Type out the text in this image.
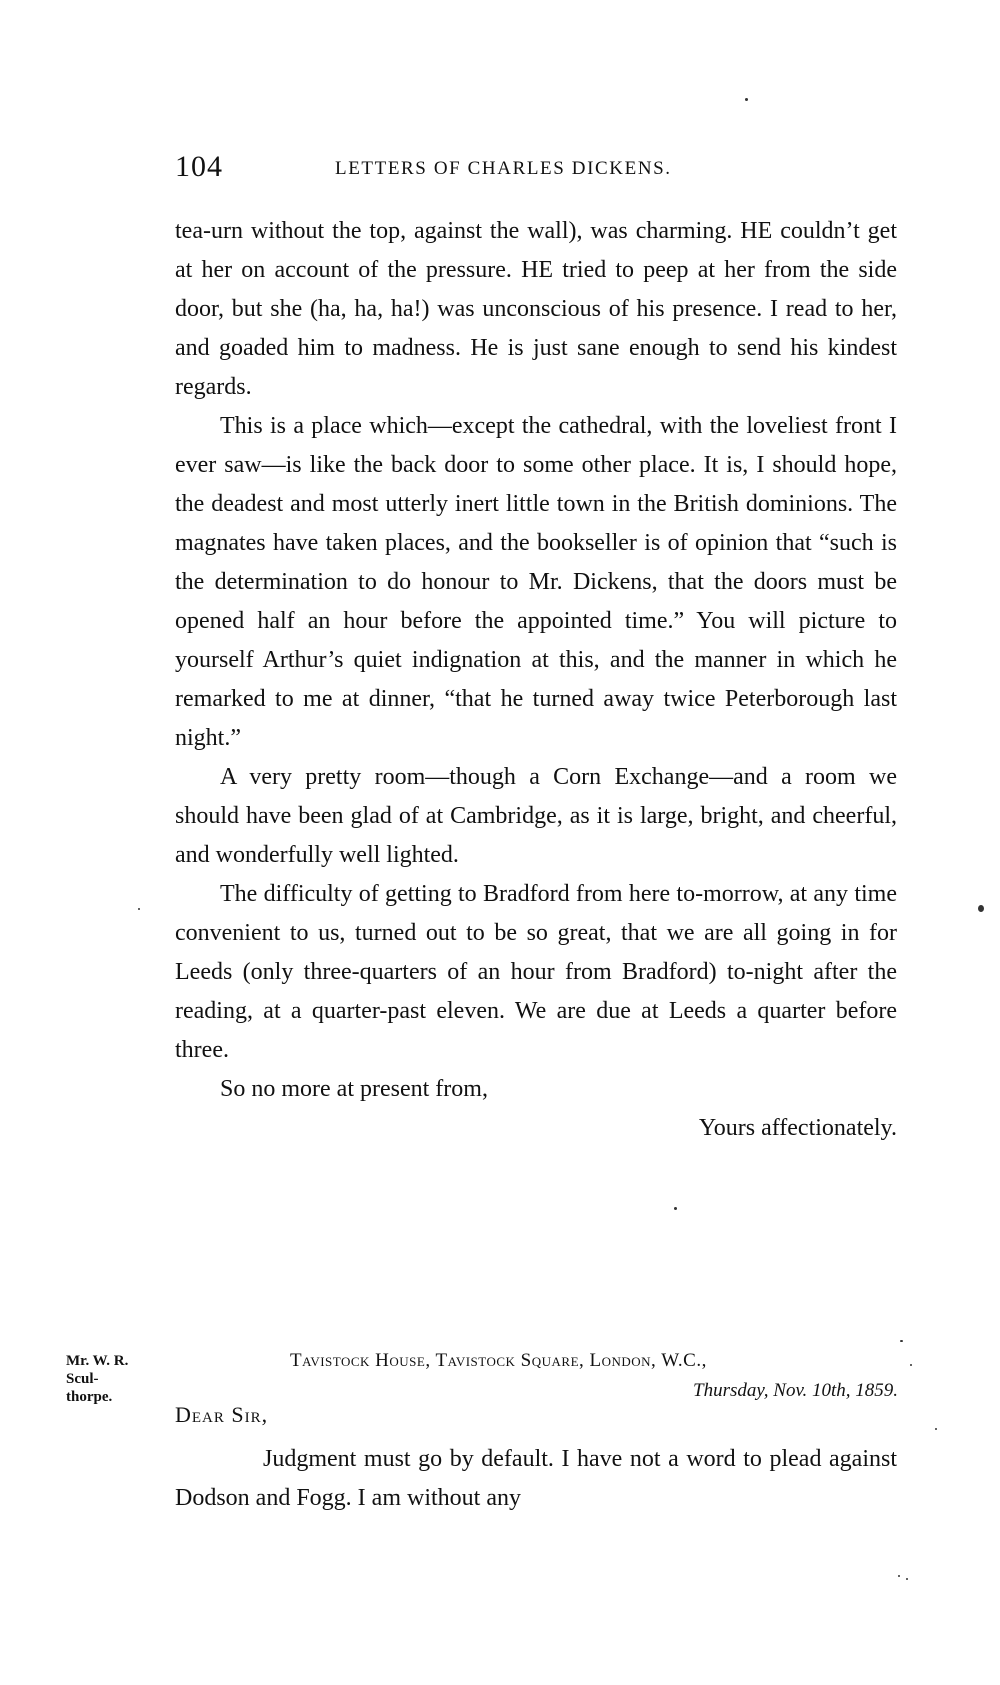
104	LETTERS OF CHARLES DICKENS.

tea-urn without the top, against the wall), was charming. HE couldn’t get at her on account of the pressure. HE tried to peep at her from the side door, but she (ha, ha, ha!) was unconscious of his presence. I read to her, and goaded him to madness. He is just sane enough to send his kindest regards.

This is a place which—except the cathedral, with the loveliest front I ever saw—is like the back door to some other place. It is, I should hope, the deadest and most utterly inert little town in the British dominions. The magnates have taken places, and the bookseller is of opinion that “such is the determination to do honour to Mr. Dickens, that the doors must be opened half an hour before the appointed time.” You will picture to yourself Arthur’s quiet indignation at this, and the manner in which he remarked to me at dinner, “that he turned away twice Peterborough last night.”

A very pretty room—though a Corn Exchange—and a room we should have been glad of at Cambridge, as it is large, bright, and cheerful, and wonderfully well lighted.

The difficulty of getting to Bradford from here to-morrow, at any time convenient to us, turned out to be so great, that we are all going in for Leeds (only three-quarters of an hour from Bradford) to-night after the reading, at a quarter-past eleven. We are due at Leeds a quarter before three.

So no more at present from,

Yours affectionately.

Mr. W. R.
Scul-
thorpe.
Tavistock House, Tavistock Square, London, W.C.,
Thursday, Nov. 10th, 1859.
Dear Sir,

Judgment must go by default. I have not a word to plead against Dodson and Fogg. I am without any
